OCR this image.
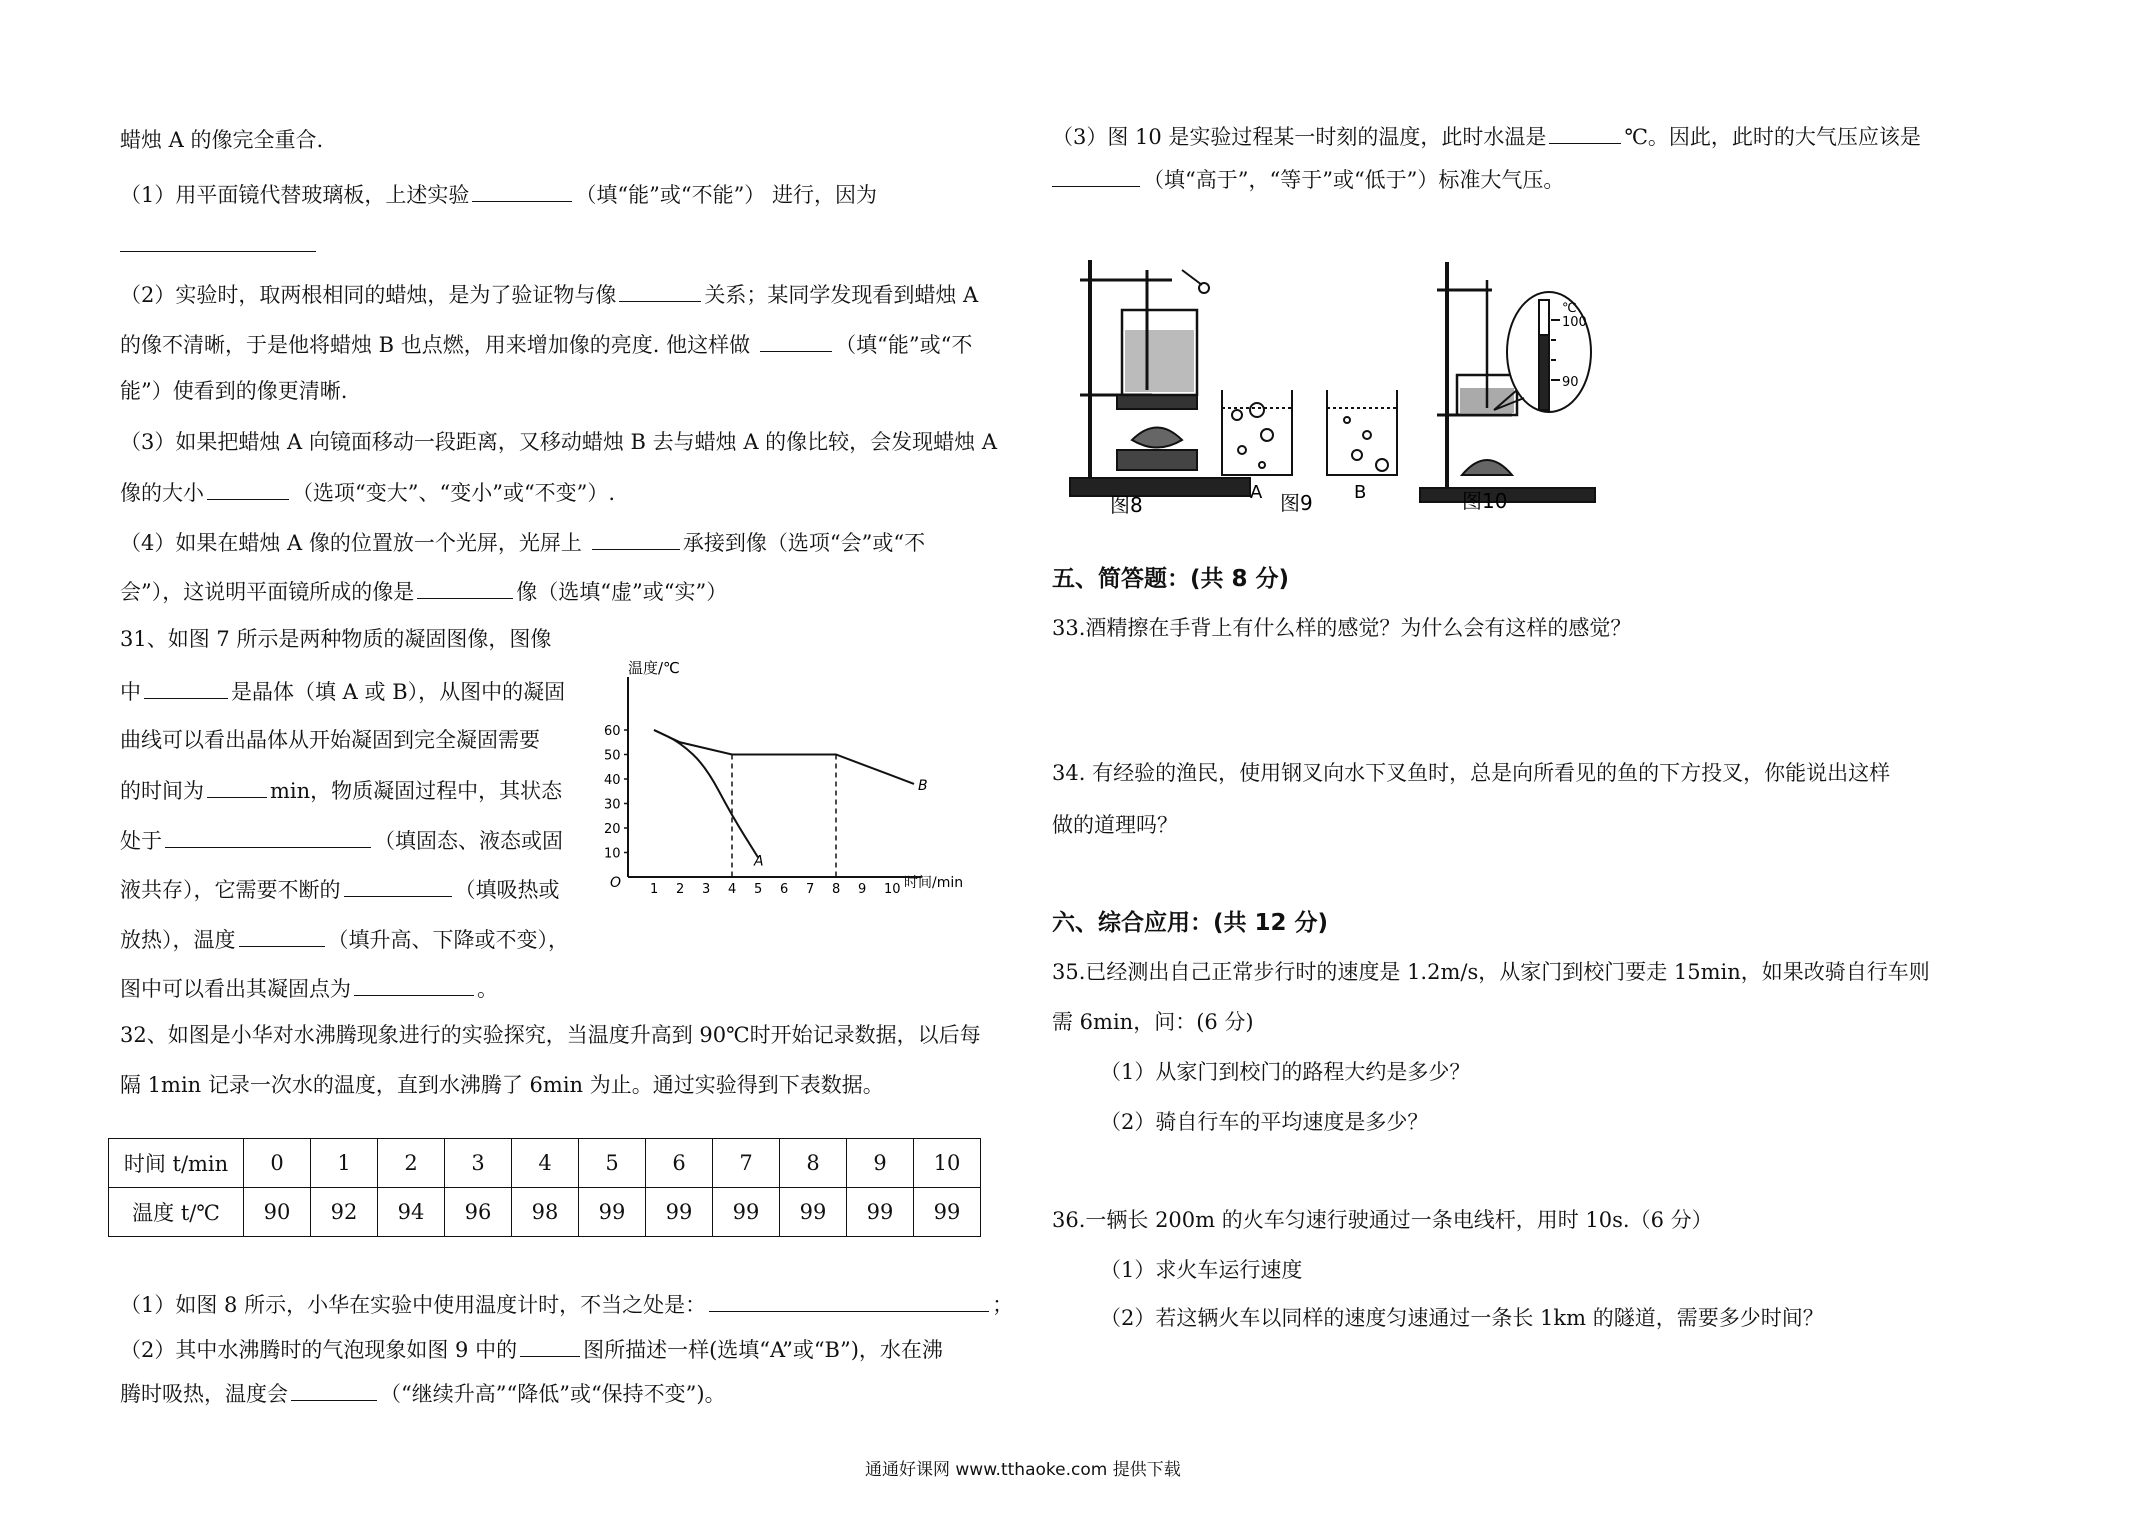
蜡烛 A 的像完全重合.
（1）用平面镜代替玻璃板，上述实验	（填“能”或“不能”） 进行，因为
（2）实验时，取两根相同的蜡烛，是为了验证物与像	关系；某同学发现看到蜡烛 A
的像不清晰，于是他将蜡烛 B 也点燃，用来增加像的亮度. 他这样做	（填“能”或“不
能”）使看到的像更清晰.
（3）如果把蜡烛 A 向镜面移动一段距离，又移动蜡烛 B 去与蜡烛 A 的像比较，会发现蜡烛 A
像的大小	（选项“变大”、“变小”或“不变”）.
（4）如果在蜡烛 A 像的位置放一个光屏，光屏上	承接到像（选项“会”或“不
会”），这说明平面镜所成的像是	像（选填“虚”或“实”）
31、如图 7 所示是两种物质的凝固图像，图像
中	是晶体（填 A 或 B），从图中的凝固
曲线可以看出晶体从开始凝固到完全凝固需要
的时间为	min，物质凝固过程中，其状态
处于	（填固态、液态或固
液共存），它需要不断的	（填吸热或
放热），温度	（填升高、下降或不变），
图中可以看出其凝固点为	。
温度/℃
时间/min
O
10
20
30
40
50
60
1 2 3 4 5 6 7 8 9 10
A
B
32、如图是小华对水沸腾现象进行的实验探究，当温度升高到 90℃时开始记录数据，以后每
隔 1min 记录一次水的温度，直到水沸腾了 6min 为止。通过实验得到下表数据。
时间 t/min	0	1	2	3	4	5	6	7	8	9	10
温度 t/℃	90	92	94	96	98	99	99	99	99	99	99
（1）如图 8 所示，小华在实验中使用温度计时，不当之处是：	；
（2）其中水沸腾时的气泡现象如图 9 中的	图所描述一样(选填“A”或“B”)，水在沸
腾时吸热，温度会	（“继续升高”“降低”或“保持不变”)。
（3）图 10 是实验过程某一时刻的温度，此时水温是	℃。因此，此时的大气压应该是
（填“高于”，“等于”或“低于”）标准大气压。
图8
A 图9 B
℃
100
90
图10
五、简答题：(共 8 分)
33.酒精擦在手背上有什么样的感觉？为什么会有这样的感觉？
34. 有经验的渔民，使用钢叉向水下叉鱼时，总是向所看见的鱼的下方投叉，你能说出这样
做的道理吗？
六、综合应用：(共 12 分)
35.已经测出自己正常步行时的速度是 1.2m/s，从家门到校门要走 15min，如果改骑自行车则
需 6min，问：(6 分)
（1）从家门到校门的路程大约是多少？
（2）骑自行车的平均速度是多少？
36.一辆长 200m 的火车匀速行驶通过一条电线杆，用时 10s.（6 分）
（1）求火车运行速度
（2）若这辆火车以同样的速度匀速通过一条长 1km 的隧道，需要多少时间？
通通好课网 www.tthaoke.com 提供下载
